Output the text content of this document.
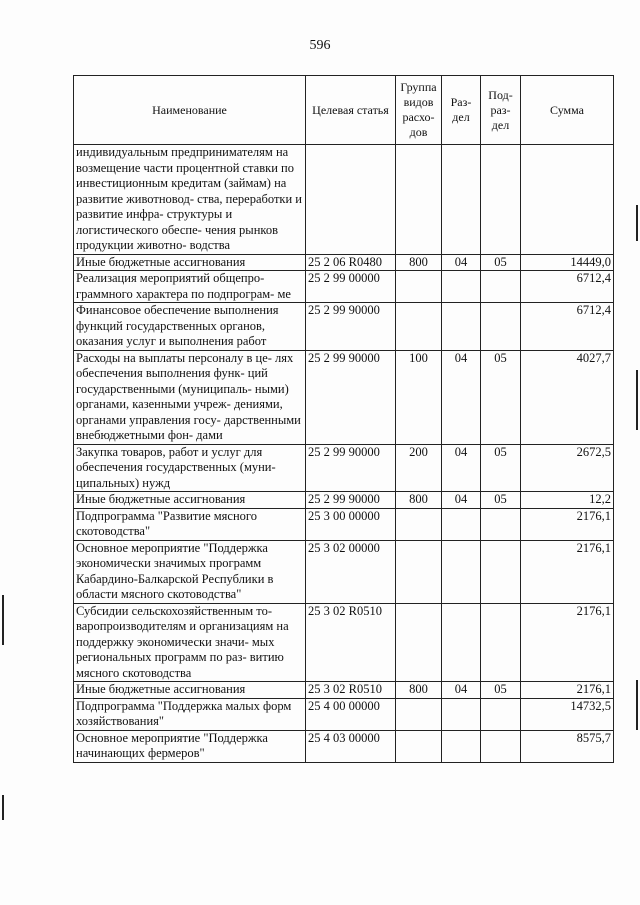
596
Наименование	Целевая статья	Группа видов расхо- дов	Раз- дел	Под- раз- дел	Сумма
индивидуальным предпринимателям на возмещение части процентной ставки по инвестиционным кредитам (займам) на развитие животновод- ства, переработки и развитие инфра- структуры и логистического обеспе- чения рынков продукции животно- водства					
Иные бюджетные ассигнования	25 2 06 R0480	800	04	05	14449,0
Реализация мероприятий общепро- граммного характера по подпрограм- ме	25 2 99 00000				6712,4
Финансовое обеспечение выполнения функций государственных органов, оказания услуг и выполнения работ	25 2 99 90000				6712,4
Расходы на выплаты персоналу в це- лях обеспечения выполнения функ- ций государственными (муниципаль- ными) органами, казенными учреж- дениями, органами управления госу- дарственными внебюджетными фон- дами	25 2 99 90000	100	04	05	4027,7
Закупка товаров, работ и услуг для обеспечения государственных (муни- ципальных) нужд	25 2 99 90000	200	04	05	2672,5
Иные бюджетные ассигнования	25 2 99 90000	800	04	05	12,2
Подпрограмма "Развитие мясного скотоводства"	25 3 00 00000				2176,1
Основное мероприятие "Поддержка экономически значимых программ Кабардино-Балкарской Республики в области мясного скотоводства"	25 3 02 00000				2176,1
Субсидии сельскохозяйственным то- варопроизводителям и организациям на поддержку экономически значи- мых региональных программ по раз- витию мясного скотоводства	25 3 02 R0510				2176,1
Иные бюджетные ассигнования	25 3 02 R0510	800	04	05	2176,1
Подпрограмма "Поддержка малых форм хозяйствования"	25 4 00 00000				14732,5
Основное мероприятие "Поддержка начинающих фермеров"	25 4 03 00000				8575,7
